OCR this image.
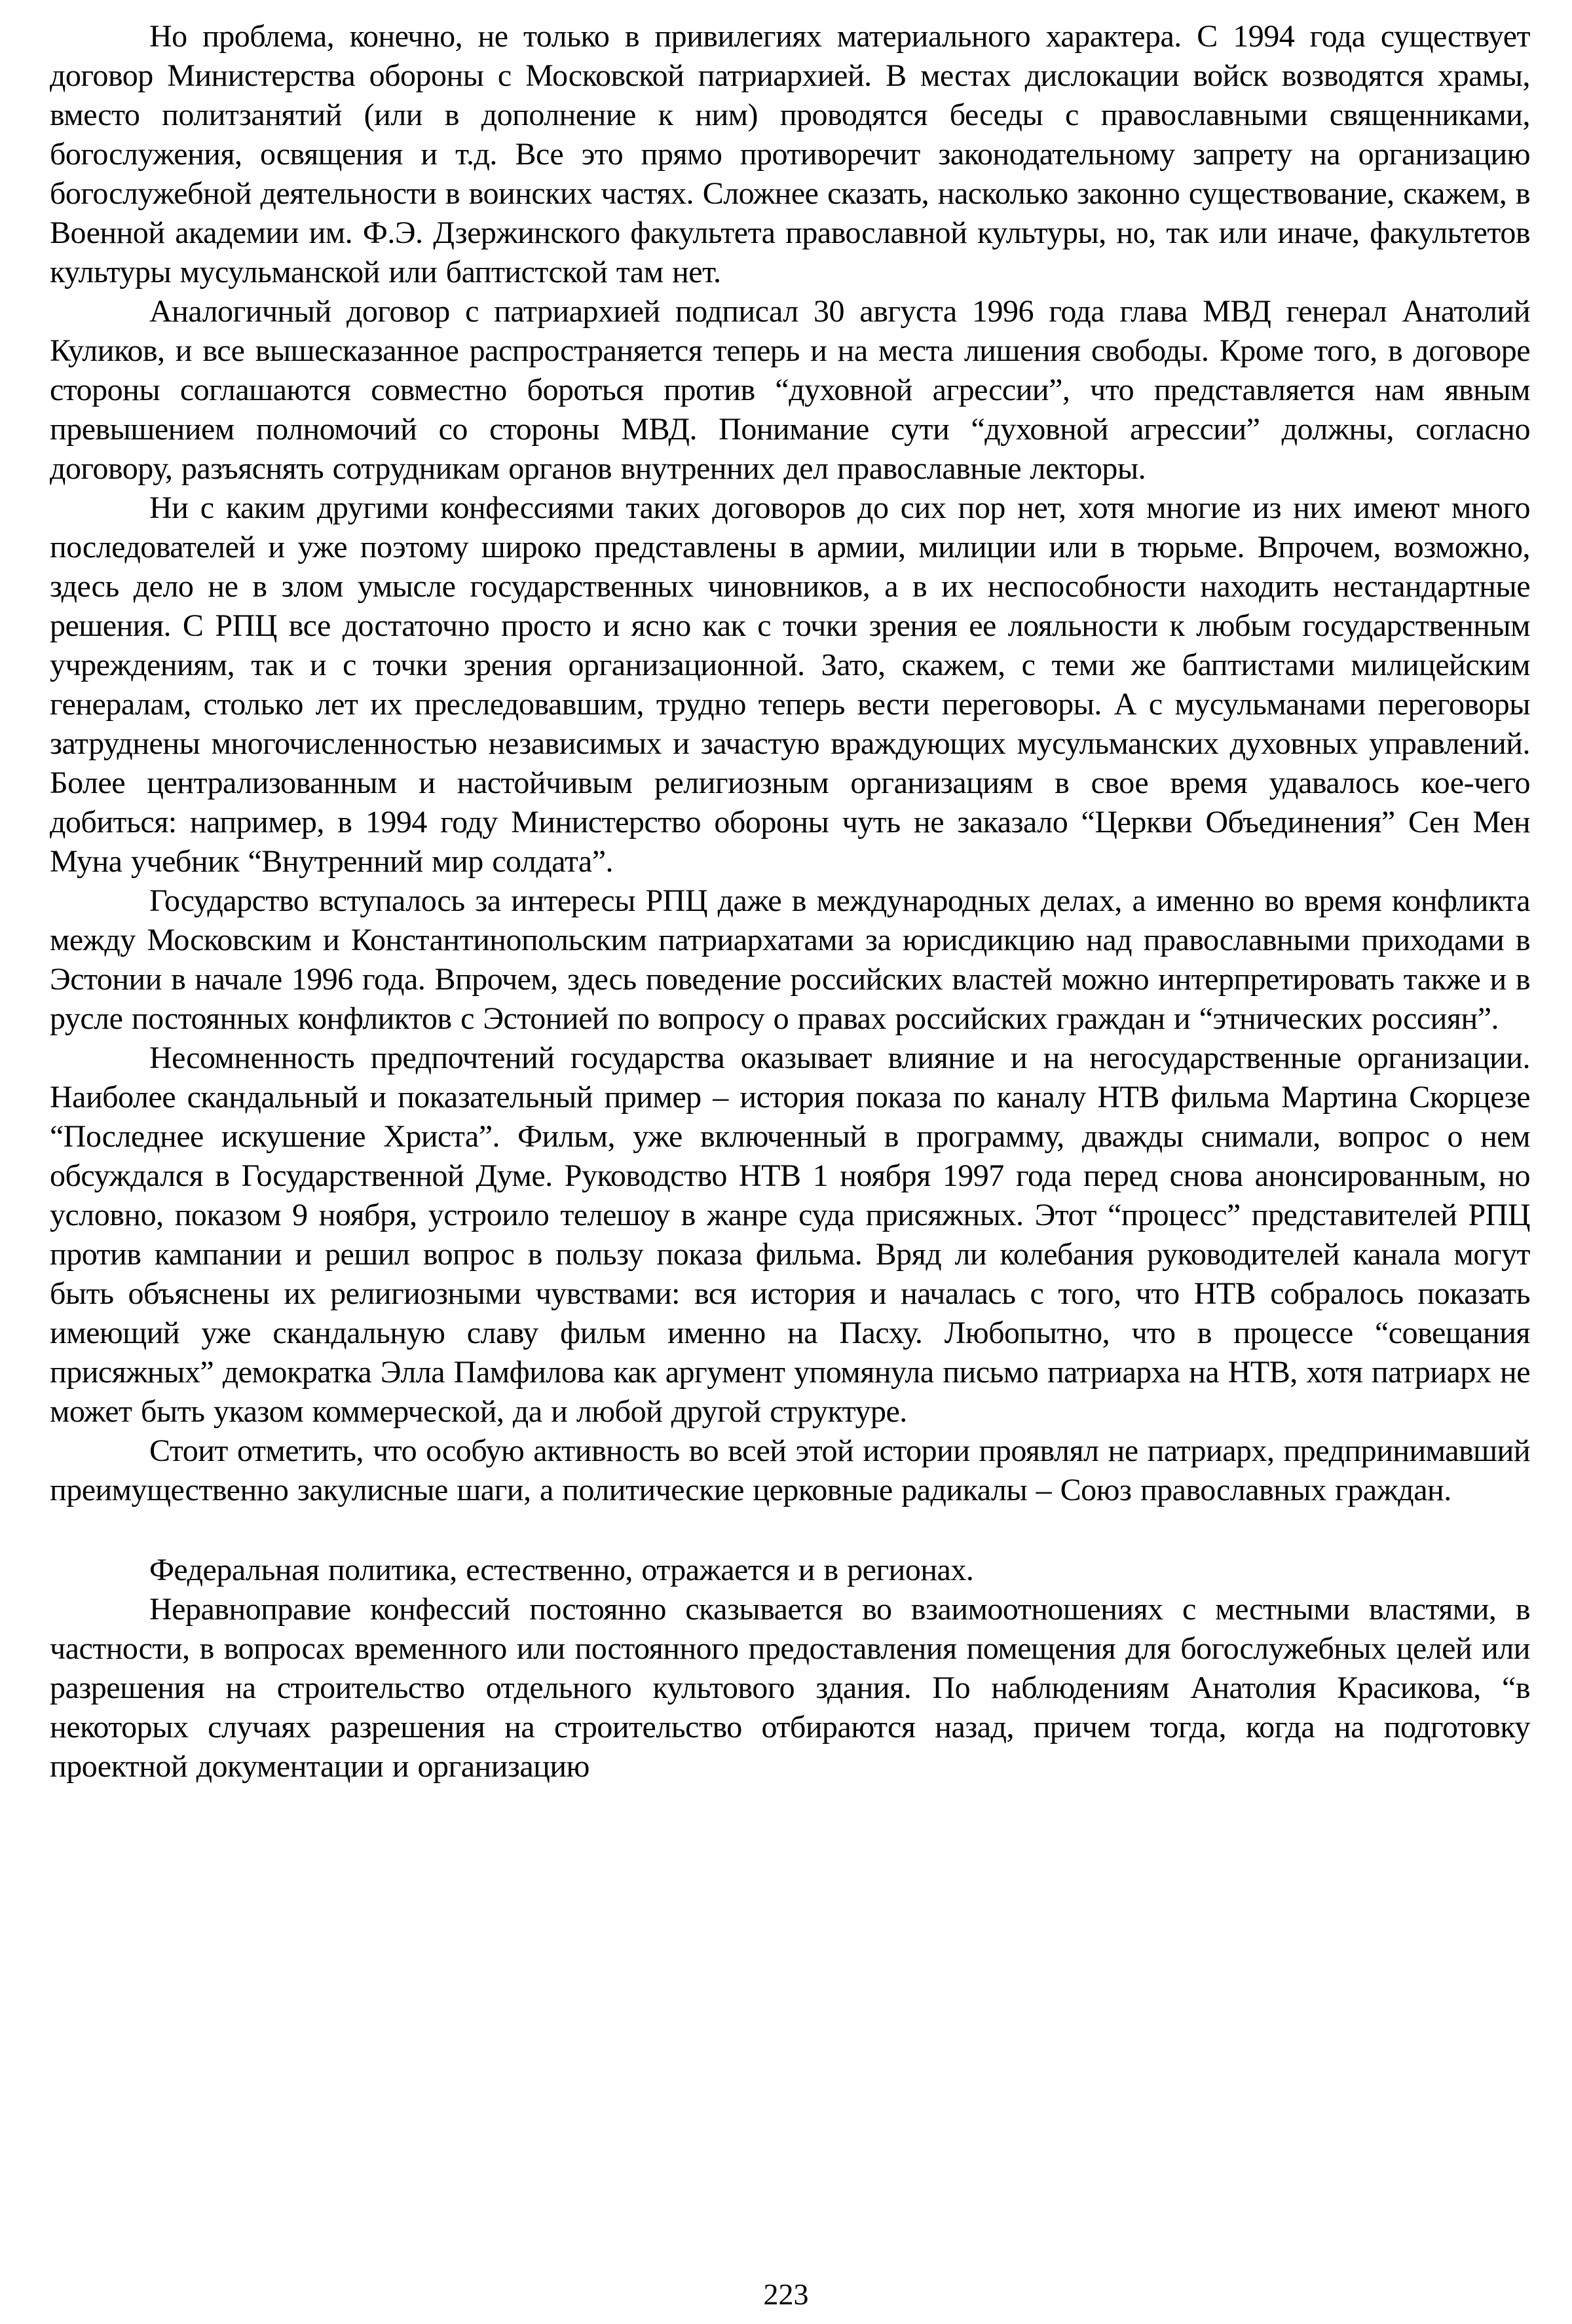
Но проблема, конечно, не только в привилегиях материального характера. С 1994 года существует договор Министерства обороны с Московской патриархией. В местах дислокации войск возводятся храмы, вместо политзанятий (или в дополнение к ним) проводятся беседы с православными священниками, богослужения, освящения и т.д. Все это прямо противоречит законодательному запрету на организацию богослужебной деятельности в воинских частях. Сложнее сказать, насколько законно существование, скажем, в Военной академии им. Ф.Э. Дзержинского факультета православной культуры, но, так или иначе, факультетов культуры мусульманской или баптистской там нет.

Аналогичный договор с патриархией подписал 30 августа 1996 года глава МВД генерал Анатолий Куликов, и все вышесказанное распространяется теперь и на места лишения свободы. Кроме того, в договоре стороны соглашаются совместно бороться против “духовной агрессии”, что представляется нам явным превышением полномочий со стороны МВД. Понимание сути “духовной агрессии” должны, согласно договору, разъяснять сотрудникам органов внутренних дел православные лекторы.

Ни с каким другими конфессиями таких договоров до сих пор нет, хотя многие из них имеют много последователей и уже поэтому широко представлены в армии, милиции или в тюрьме. Впрочем, возможно, здесь дело не в злом умысле государственных чиновников, а в их неспособности находить нестандартные решения. С РПЦ все достаточно просто и ясно как с точки зрения ее лояльности к любым государственным учреждениям, так и с точки зрения организационной. Зато, скажем, с теми же баптистами милицейским генералам, столько лет их преследовавшим, трудно теперь вести переговоры. А с мусульманами переговоры затруднены многочисленностью независимых и зачастую враждующих мусульманских духовных управлений. Более централизованным и настойчивым религиозным организациям в свое время удавалось кое-чего добиться: например, в 1994 году Министерство обороны чуть не заказало “Церкви Объединения” Сен Мен Муна учебник “Внутренний мир солдата”.

Государство вступалось за интересы РПЦ даже в международных делах, а именно во время конфликта между Московским и Константинопольским патриархатами за юрисдикцию над православными приходами в Эстонии в начале 1996 года. Впрочем, здесь поведение российских властей можно интерпретировать также и в русле постоянных конфликтов с Эстонией по вопросу о правах российских граждан и “этнических россиян”.

Несомненность предпочтений государства оказывает влияние и на негосударственные организации. Наиболее скандальный и показательный пример – история показа по каналу НТВ фильма Мартина Скорцезе “Последнее искушение Христа”. Фильм, уже включенный в программу, дважды снимали, вопрос о нем обсуждался в Государственной Думе. Руководство НТВ 1 ноября 1997 года перед снова анонсированным, но условно, показом 9 ноября, устроило телешоу в жанре суда присяжных. Этот “процесс” представителей РПЦ против кампании и решил вопрос в пользу показа фильма. Вряд ли колебания руководителей канала могут быть объяснены их религиозными чувствами: вся история и началась с того, что НТВ собралось показать имеющий уже скандальную славу фильм именно на Пасху. Любопытно, что в процессе “совещания присяжных” демократка Элла Памфилова как аргумент упомянула письмо патриарха на НТВ, хотя патриарх не может быть указом коммерческой, да и любой другой структуре.

Стоит отметить, что особую активность во всей этой истории проявлял не патриарх, предпринимавший преимущественно закулисные шаги, а политические церковные радикалы – Союз православных граждан.

Федеральная политика, естественно, отражается и в регионах.

Неравноправие конфессий постоянно сказывается во взаимоотношениях с местными властями, в частности, в вопросах временного или постоянного предоставления помещения для богослужебных целей или разрешения на строительство отдельного культового здания. По наблюдениям Анатолия Красикова, “в некоторых случаях разрешения на строительство отбираются назад, причем тогда, когда на подготовку проектной документации и организацию

223
